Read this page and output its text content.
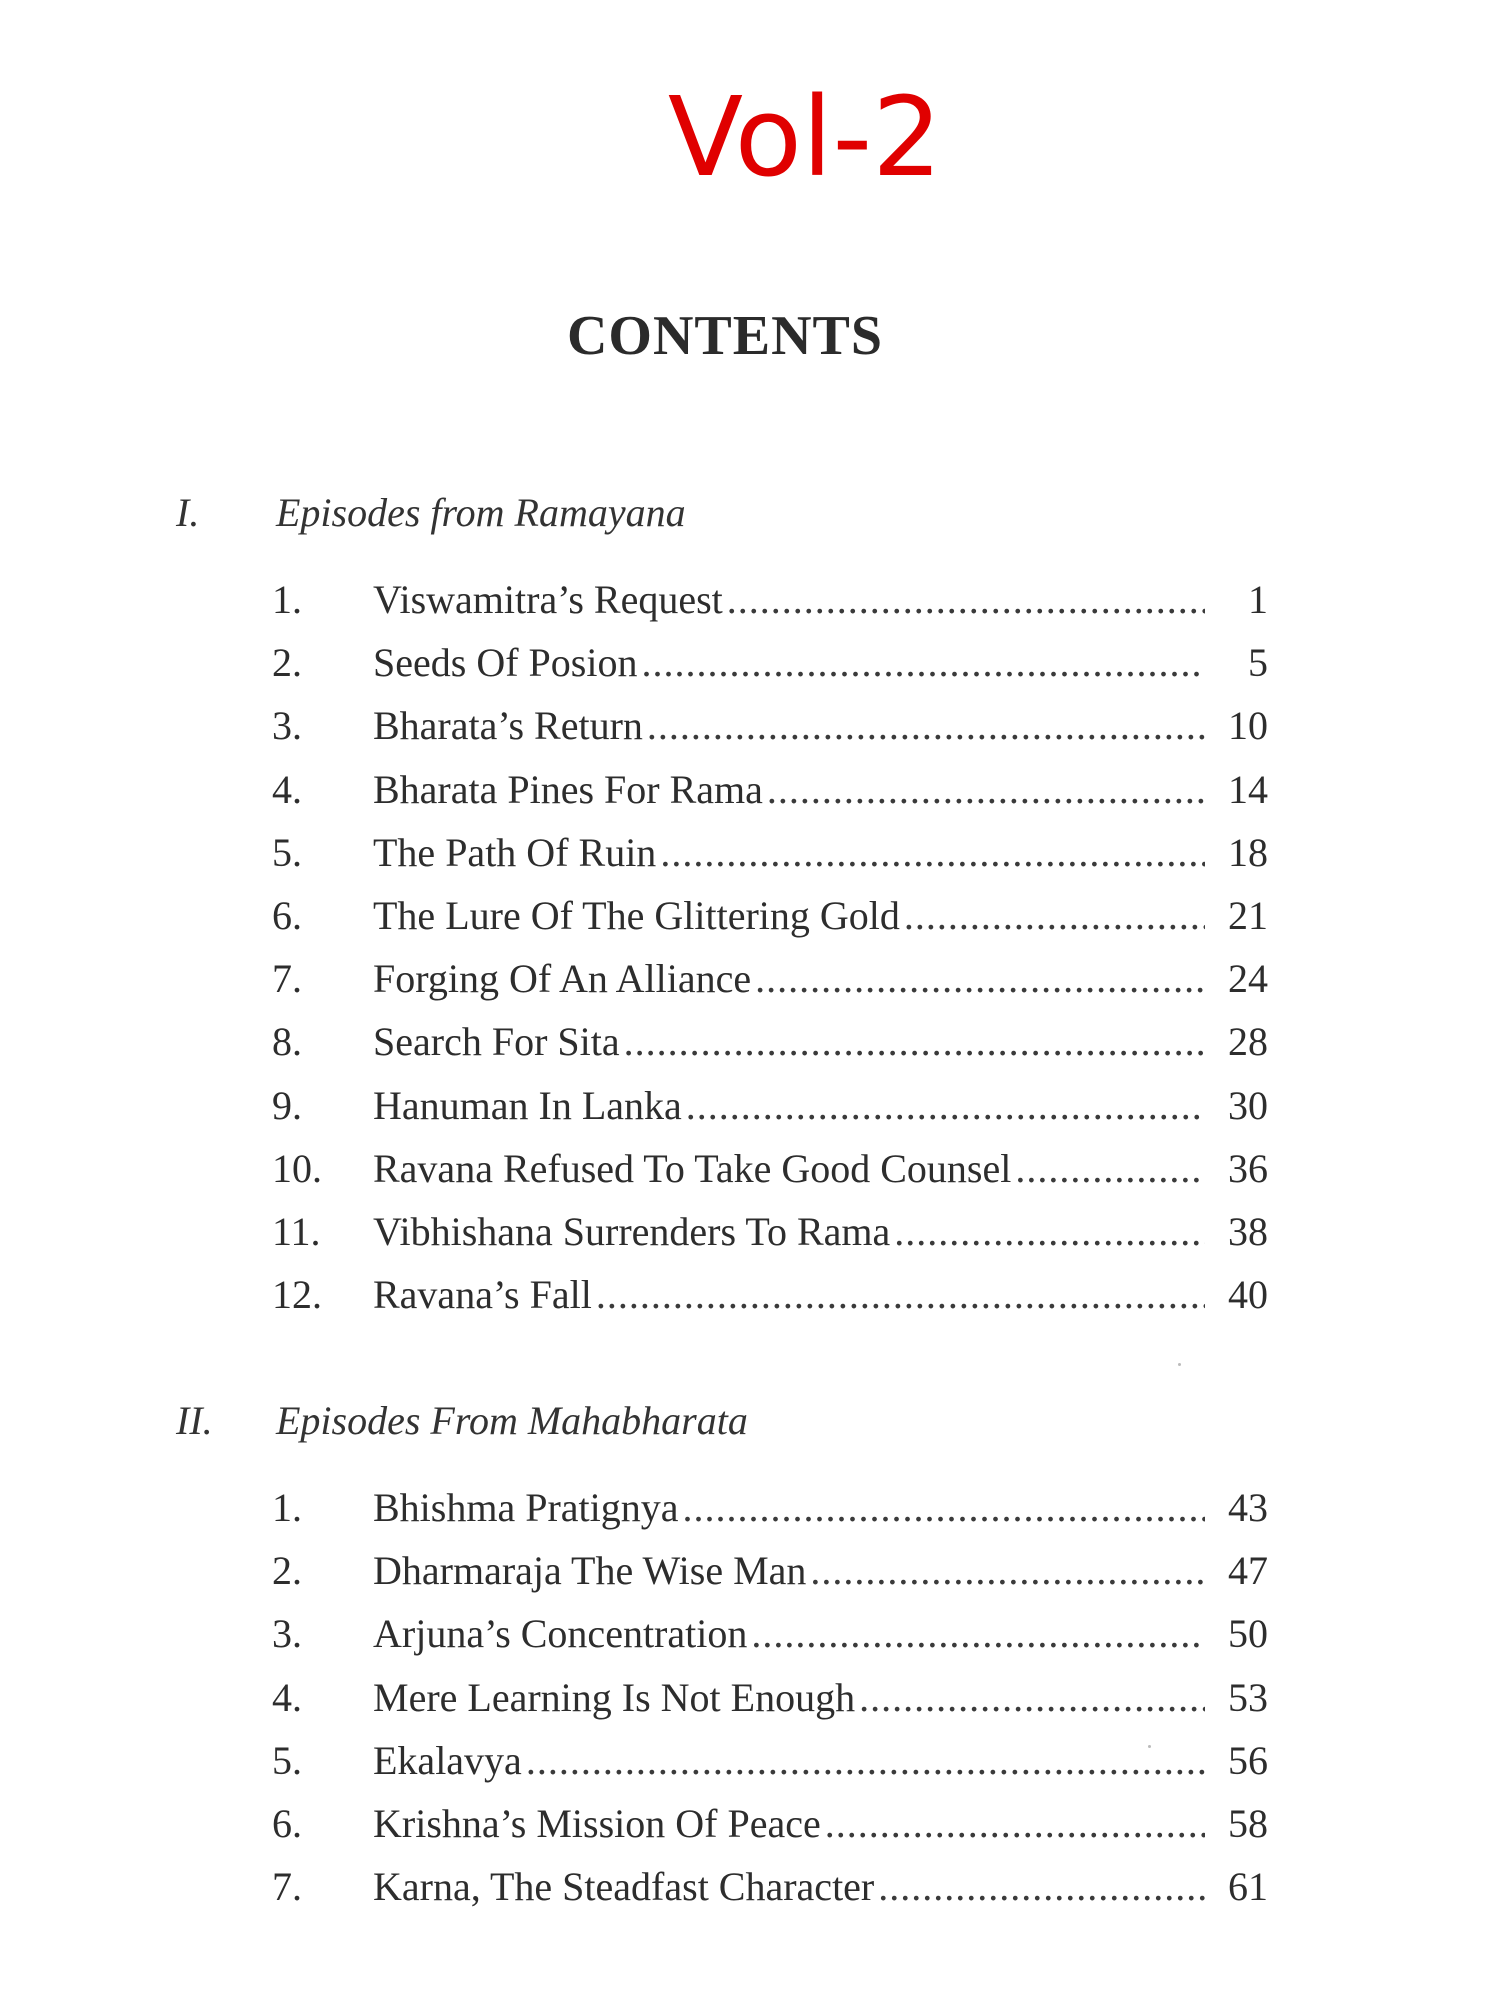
Vol-2
CONTENTS
I. Episodes from Ramayana
1. Viswamitra’s Request .....	1
2. Seeds Of Posion .....	5
3. Bharata’s Return .....	10
4. Bharata Pines For Rama .....	14
5. The Path Of Ruin .....	18
6. The Lure Of The Glittering Gold .....	21
7. Forging Of An Alliance .....	24
8. Search For Sita .....	28
9. Hanuman In Lanka .....	30
10. Ravana Refused To Take Good Counsel .....	36
11. Vibhishana Surrenders To Rama .....	38
12. Ravana’s Fall .....	40
II. Episodes From Mahabharata
1. Bhishma Pratignya .....	43
2. Dharmaraja The Wise Man .....	47
3. Arjuna’s Concentration .....	50
4. Mere Learning Is Not Enough .....	53
5. Ekalavya .....	56
6. Krishna’s Mission Of Peace .....	58
7. Karna, The Steadfast Character .....	61
